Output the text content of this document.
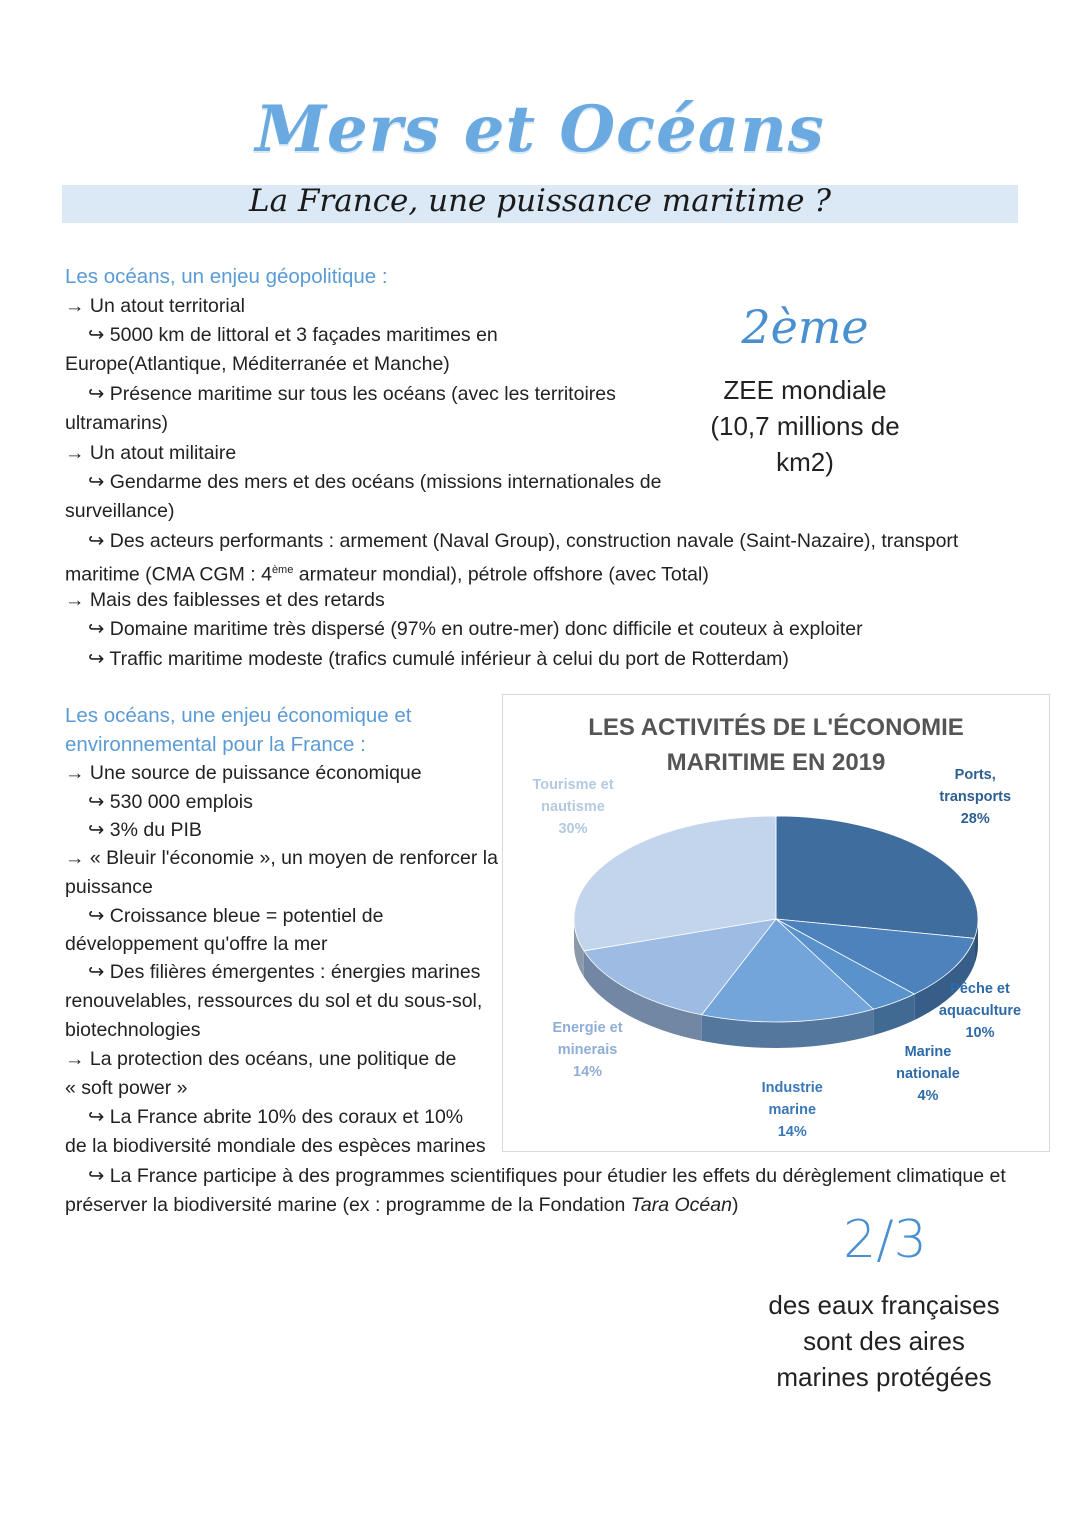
Mers et Océans
La France, une puissance maritime ?
Les océans, un enjeu géopolitique :
→ Un atout territorial
↪ 5000 km de littoral et 3 façades maritimes en
Europe(Atlantique, Méditerranée et Manche)
↪ Présence maritime sur tous les océans (avec les territoires
ultramarins)
→ Un atout militaire
↪ Gendarme des mers et des océans (missions internationales de
surveillance)
↪ Des acteurs performants : armement (Naval Group), construction navale (Saint-Nazaire), transport
maritime (CMA CGM : 4ème armateur mondial), pétrole offshore (avec Total)
→ Mais des faiblesses et des retards
↪ Domaine maritime très dispersé (97% en outre-mer) donc difficile et couteux à exploiter
↪ Traffic maritime modeste (trafics cumulé inférieur à celui du port de Rotterdam)
2ème
ZEE mondiale
(10,7 millions de
km2)
Les océans, une enjeu économique et
environnemental pour la France :
→ Une source de puissance économique
↪ 530 000 emplois
↪ 3% du PIB
→ « Bleuir l'économie », un moyen de renforcer la
puissance
↪ Croissance bleue = potentiel de
développement qu'offre la mer
↪ Des filières émergentes : énergies marines
renouvelables, ressources du sol et du sous-sol,
biotechnologies
→ La protection des océans, une politique de
« soft power »
↪ La France abrite 10% des coraux et 10%
de la biodiversité mondiale des espèces marines
↪ La France participe à des programmes scientifiques pour étudier les effets du dérèglement climatique et
préserver la biodiversité marine (ex : programme de la Fondation Tara Océan)
LES ACTIVITÉS DE L'ÉCONOMIE
MARITIME EN 2019	Ports,
transports
28%
Pêche et
aquaculture
10%
Marine
nationale
4%
Industrie
marine
14%
Energie et
minerais
14%
Tourisme et
nautisme
30%
2/3
des eaux françaises
sont des aires
marines protégées
